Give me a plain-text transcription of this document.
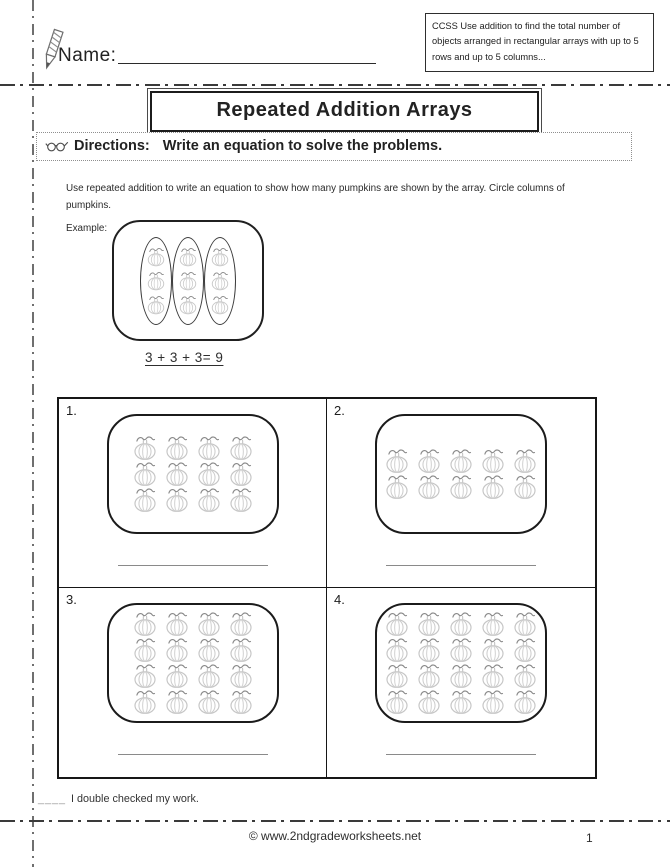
Name:
CCSS Use addition to find the total number of objects arranged in rectangular arrays with up to 5 rows and up to 5 columns...
Repeated Addition Arrays
Directions: Write an equation to solve the problems.
Use repeated addition to write an equation to show how many pumpkins are shown by the array. Circle columns of pumpkins.
Example:
3 + 3 + 3= 9
1.	2.
3.	4.
____ I double checked my work.
© www.2ndgradeworksheets.net	1
